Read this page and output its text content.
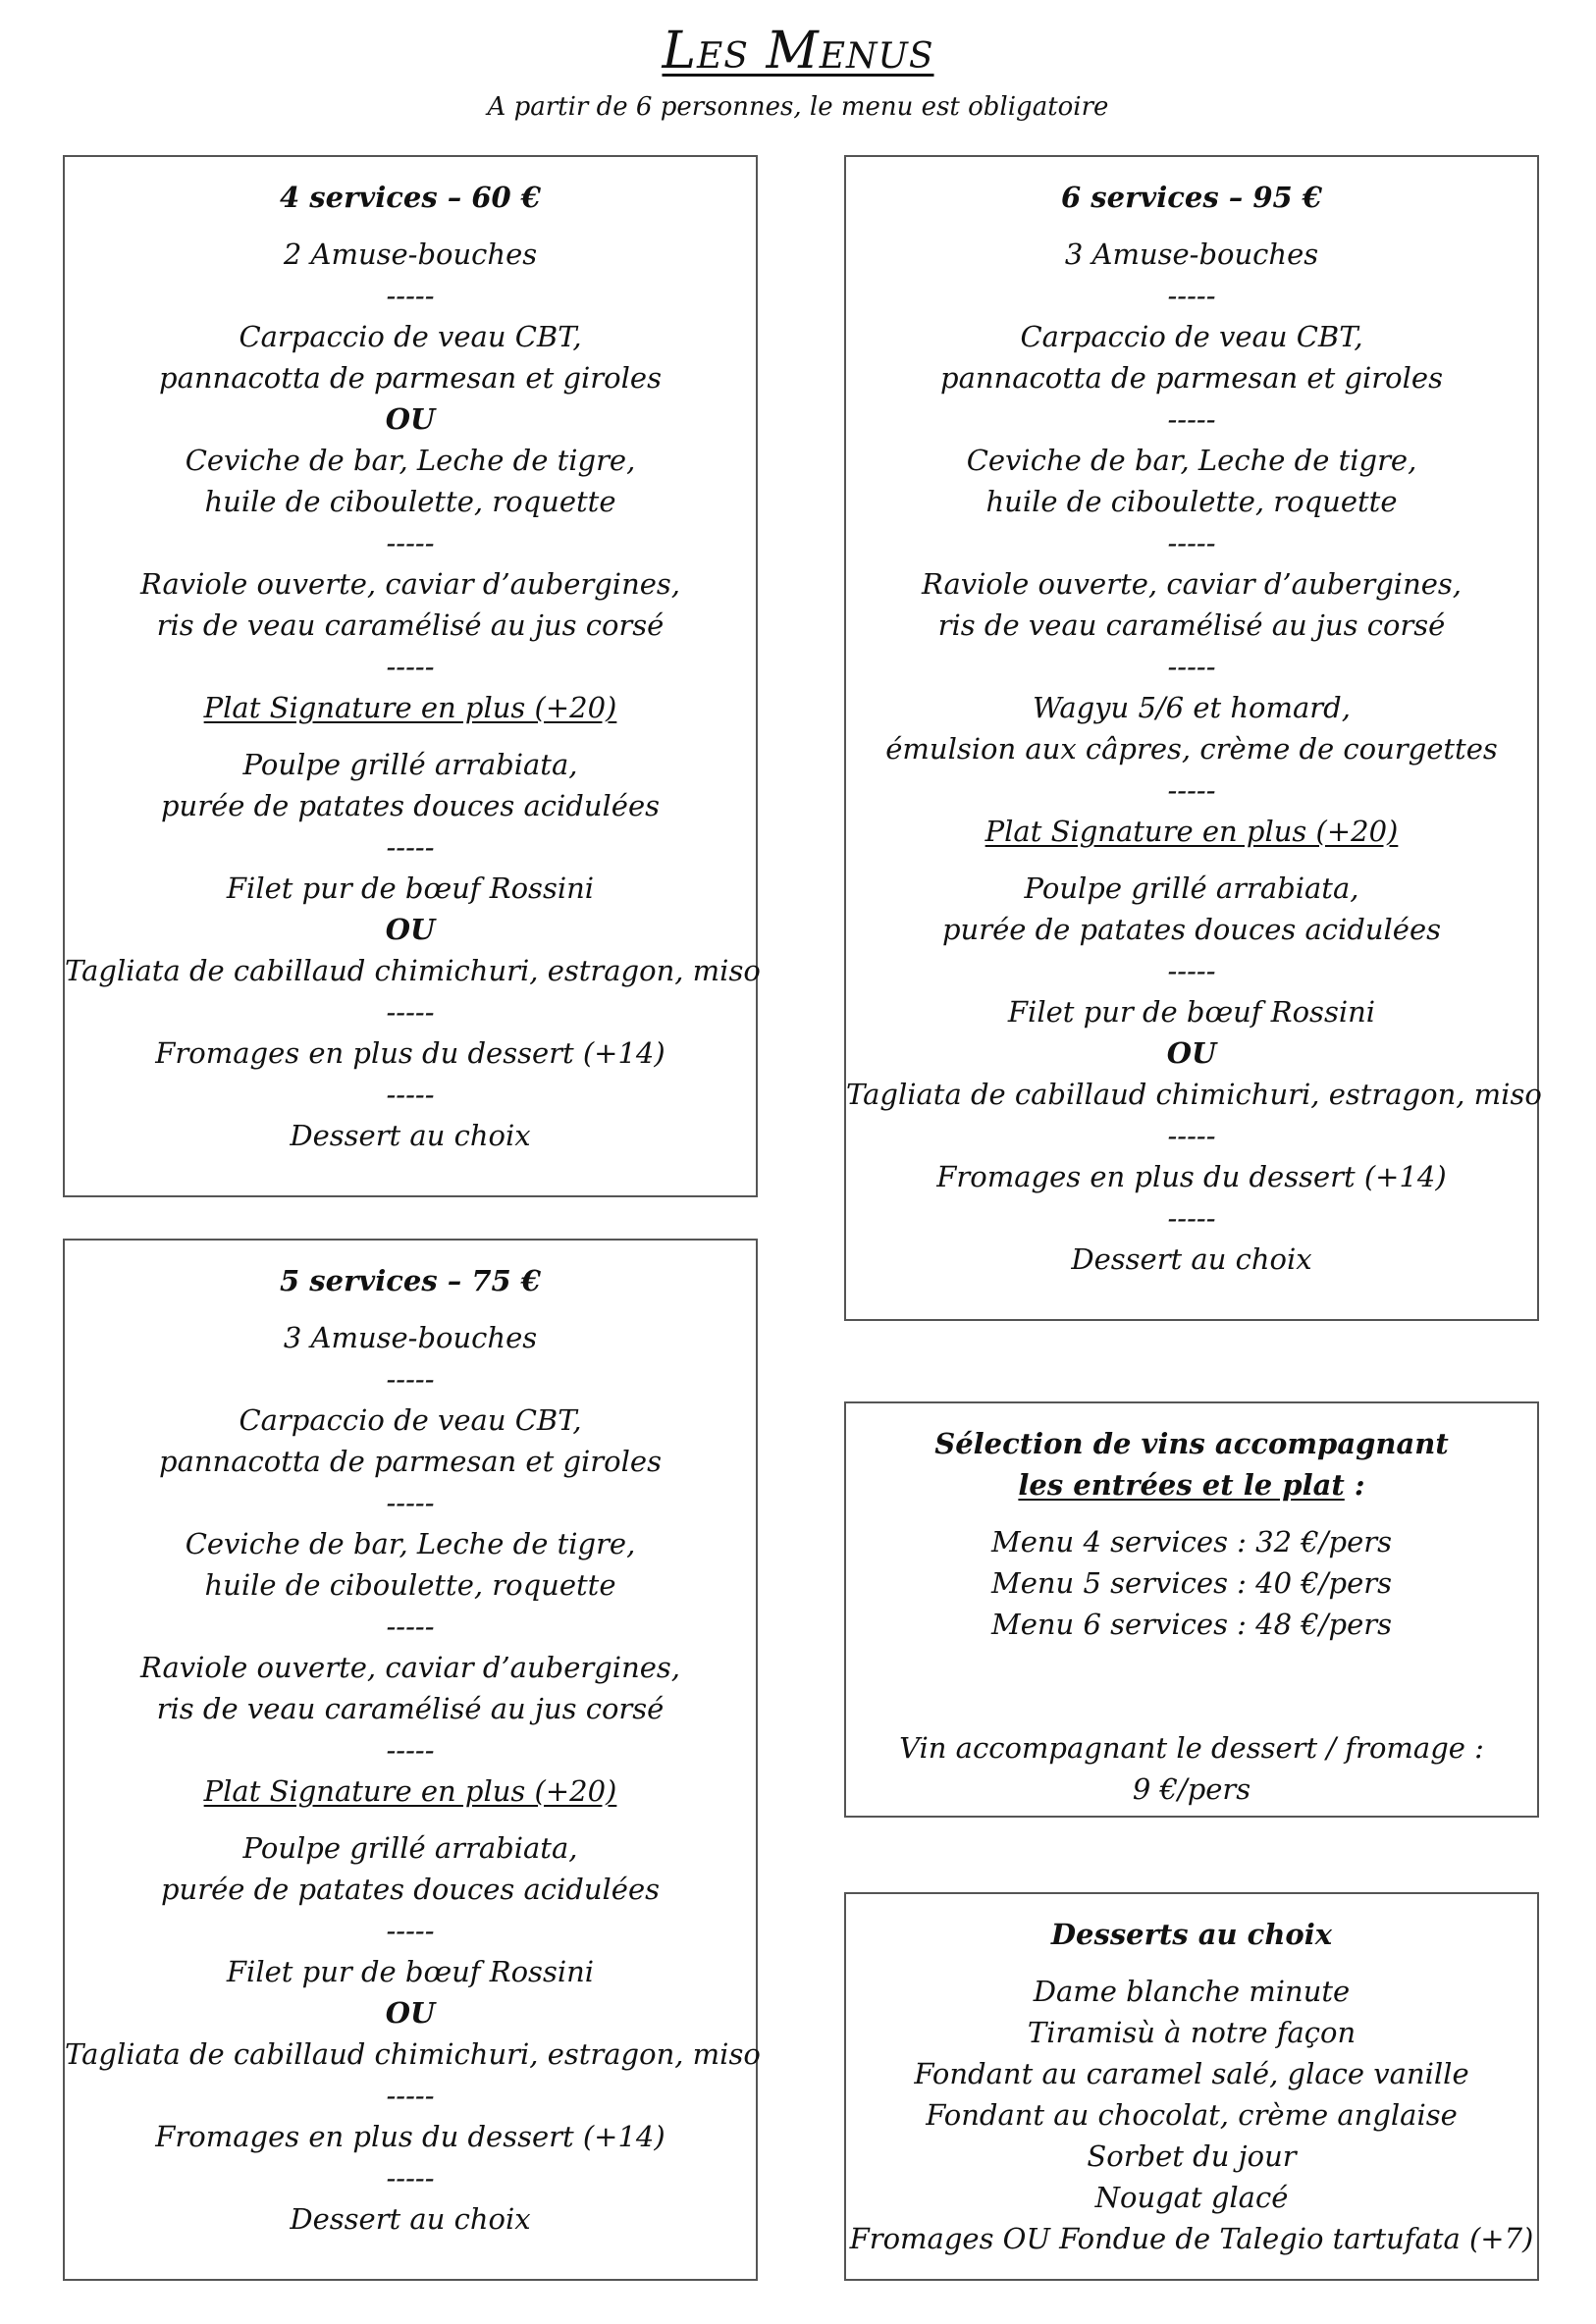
Les Menus
A partir de 6 personnes, le menu est obligatoire
4 services – 60 €
2 Amuse-bouches
-----
Carpaccio de veau CBT,
pannacotta de parmesan et giroles
OU
Ceviche de bar, Leche de tigre,
huile de ciboulette, roquette
-----
Raviole ouverte, caviar d’aubergines,
ris de veau caramélisé au jus corsé
-----
Plat Signature en plus (+20)
Poulpe grillé arrabiata,
purée de patates douces acidulées
-----
Filet pur de bœuf Rossini
OU
Tagliata de cabillaud chimichuri, estragon, miso
-----
Fromages en plus du dessert (+14)
-----
Dessert au choix
5 services – 75 €
3 Amuse-bouches
-----
Carpaccio de veau CBT,
pannacotta de parmesan et giroles
-----
Ceviche de bar, Leche de tigre,
huile de ciboulette, roquette
-----
Raviole ouverte, caviar d’aubergines,
ris de veau caramélisé au jus corsé
-----
Plat Signature en plus (+20)
Poulpe grillé arrabiata,
purée de patates douces acidulées
-----
Filet pur de bœuf Rossini
OU
Tagliata de cabillaud chimichuri, estragon, miso
-----
Fromages en plus du dessert (+14)
-----
Dessert au choix
6 services – 95 €
3 Amuse-bouches
-----
Carpaccio de veau CBT,
pannacotta de parmesan et giroles
-----
Ceviche de bar, Leche de tigre,
huile de ciboulette, roquette
-----
Raviole ouverte, caviar d’aubergines,
ris de veau caramélisé au jus corsé
-----
Wagyu 5/6 et homard,
émulsion aux câpres, crème de courgettes
-----
Plat Signature en plus (+20)
Poulpe grillé arrabiata,
purée de patates douces acidulées
-----
Filet pur de bœuf Rossini
OU
Tagliata de cabillaud chimichuri, estragon, miso
-----
Fromages en plus du dessert (+14)
-----
Dessert au choix
Sélection de vins accompagnant
les entrées et le plat :
Menu 4 services : 32 €/pers
Menu 5 services : 40 €/pers
Menu 6 services : 48 €/pers
Vin accompagnant le dessert / fromage :
9 €/pers
Desserts au choix
Dame blanche minute
Tiramisù à notre façon
Fondant au caramel salé, glace vanille
Fondant au chocolat, crème anglaise
Sorbet du jour
Nougat glacé
Fromages OU Fondue de Talegio tartufata (+7)
